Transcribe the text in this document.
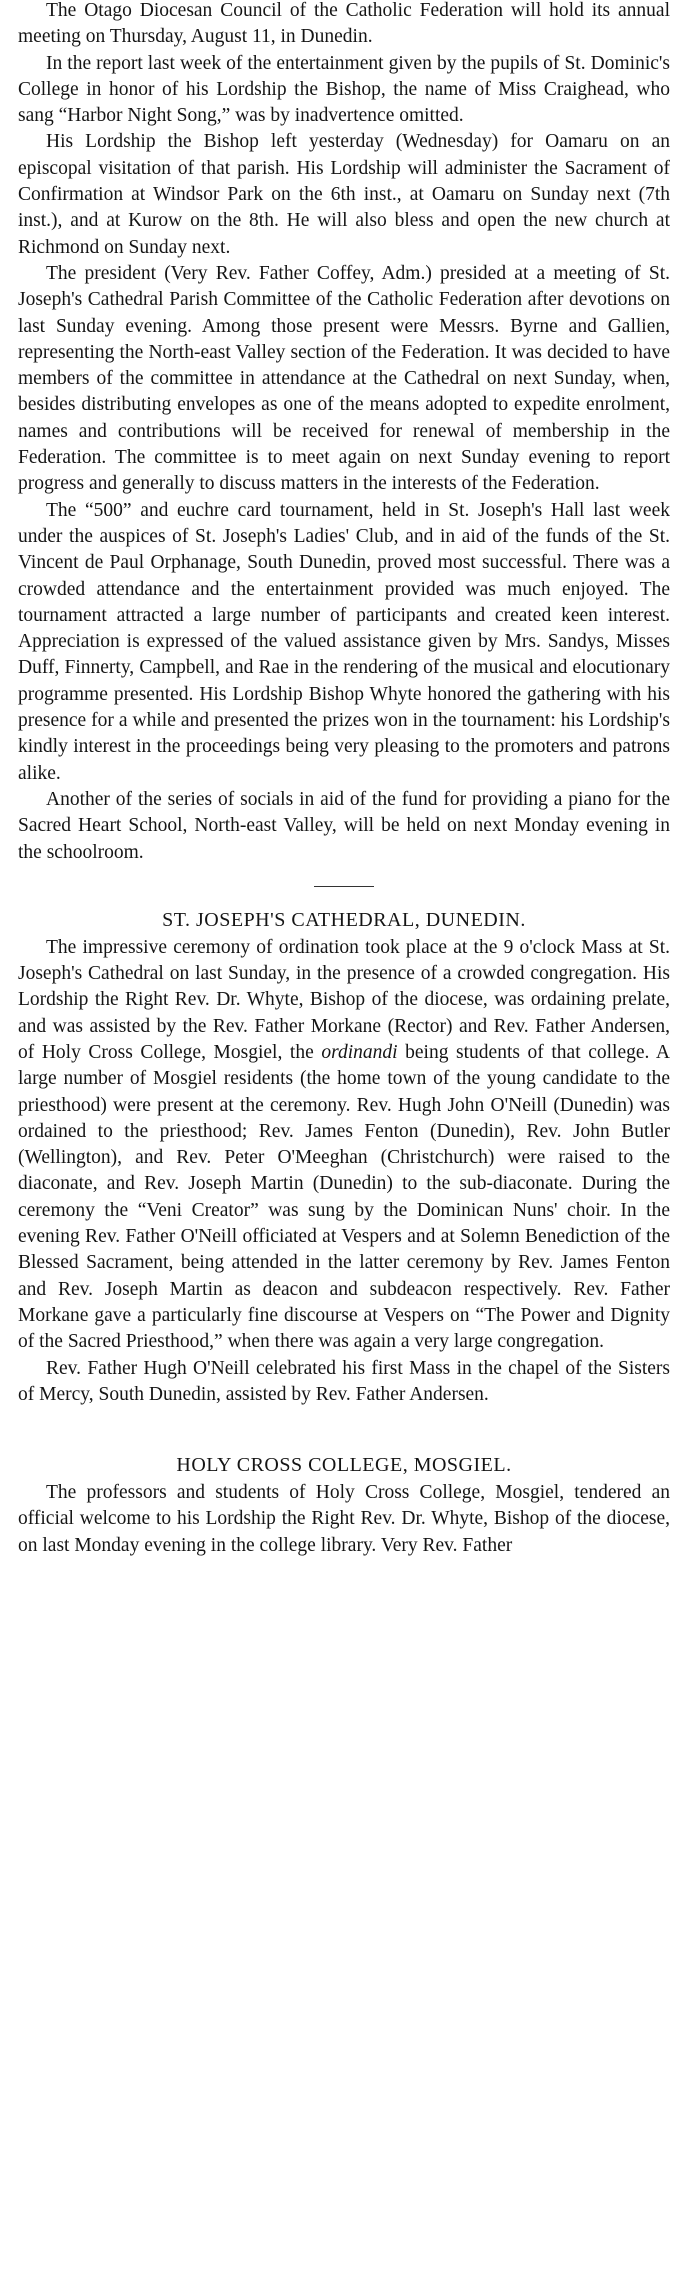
The Otago Diocesan Council of the Catholic Federation will hold its annual meeting on Thursday, August 11, in Dunedin.

In the report last week of the entertainment given by the pupils of St. Dominic's College in honor of his Lordship the Bishop, the name of Miss Craighead, who sang “Harbor Night Song,” was by inadvertence omitted.

His Lordship the Bishop left yesterday (Wednesday) for Oamaru on an episcopal visitation of that parish. His Lordship will administer the Sacrament of Confirmation at Windsor Park on the 6th inst., at Oamaru on Sunday next (7th inst.), and at Kurow on the 8th. He will also bless and open the new church at Richmond on Sunday next.

The president (Very Rev. Father Coffey, Adm.) presided at a meeting of St. Joseph's Cathedral Parish Committee of the Catholic Federation after devotions on last Sunday evening. Among those present were Messrs. Byrne and Gallien, representing the North-east Valley section of the Federation. It was decided to have members of the committee in attendance at the Cathedral on next Sunday, when, besides distributing envelopes as one of the means adopted to expedite enrolment, names and contributions will be received for renewal of membership in the Federation. The committee is to meet again on next Sunday evening to report progress and generally to discuss matters in the interests of the Federation.

The “500” and euchre card tournament, held in St. Joseph's Hall last week under the auspices of St. Joseph's Ladies' Club, and in aid of the funds of the St. Vincent de Paul Orphanage, South Dunedin, proved most successful. There was a crowded attendance and the entertainment provided was much enjoyed. The tournament attracted a large number of participants and created keen interest. Appreciation is expressed of the valued assistance given by Mrs. Sandys, Misses Duff, Finnerty, Campbell, and Rae in the rendering of the musical and elocutionary programme presented. His Lordship Bishop Whyte honored the gathering with his presence for a while and presented the prizes won in the tournament: his Lordship's kindly interest in the proceedings being very pleasing to the promoters and patrons alike.

Another of the series of socials in aid of the fund for providing a piano for the Sacred Heart School, North-east Valley, will be held on next Monday evening in the schoolroom.

ST. JOSEPH'S CATHEDRAL, DUNEDIN.

The impressive ceremony of ordination took place at the 9 o'clock Mass at St. Joseph's Cathedral on last Sunday, in the presence of a crowded congregation. His Lordship the Right Rev. Dr. Whyte, Bishop of the diocese, was ordaining prelate, and was assisted by the Rev. Father Morkane (Rector) and Rev. Father Andersen, of Holy Cross College, Mosgiel, the ordinandi being students of that college. A large number of Mosgiel residents (the home town of the young candidate to the priesthood) were present at the ceremony. Rev. Hugh John O'Neill (Dunedin) was ordained to the priesthood; Rev. James Fenton (Dunedin), Rev. John Butler (Wellington), and Rev. Peter O'Meeghan (Christchurch) were raised to the diaconate, and Rev. Joseph Martin (Dunedin) to the sub-diaconate. During the ceremony the “Veni Creator” was sung by the Dominican Nuns' choir. In the evening Rev. Father O'Neill officiated at Vespers and at Solemn Benediction of the Blessed Sacrament, being attended in the latter ceremony by Rev. James Fenton and Rev. Joseph Martin as deacon and subdeacon respectively. Rev. Father Morkane gave a particularly fine discourse at Vespers on “The Power and Dignity of the Sacred Priesthood,” when there was again a very large congregation.

Rev. Father Hugh O'Neill celebrated his first Mass in the chapel of the Sisters of Mercy, South Dunedin, assisted by Rev. Father Andersen.

HOLY CROSS COLLEGE, MOSGIEL.

The professors and students of Holy Cross College, Mosgiel, tendered an official welcome to his Lordship the Right Rev. Dr. Whyte, Bishop of the diocese, on last Monday evening in the college library. Very Rev. Father
